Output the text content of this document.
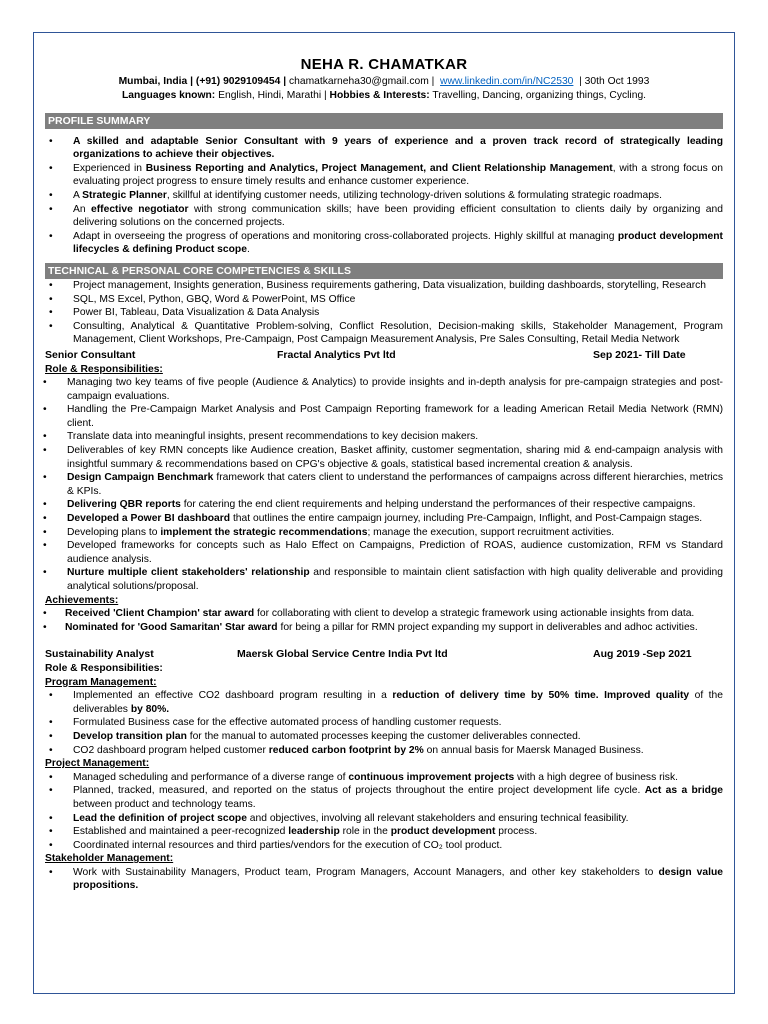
NEHA R. CHAMATKAR
Mumbai, India | (+91) 9029109454 | chamatkarneha30@gmail.com | www.linkedin.com/in/NC2530 | 30th Oct 1993
Languages known: English, Hindi, Marathi | Hobbies & Interests: Travelling, Dancing, organizing things, Cycling.
PROFILE SUMMARY
• A skilled and adaptable Senior Consultant with 9 years of experience and a proven track record of strategically leading organizations to achieve their objectives.
• Experienced in Business Reporting and Analytics, Project Management, and Client Relationship Management, with a strong focus on evaluating project progress to ensure timely results and enhance customer experience.
• A Strategic Planner, skillful at identifying customer needs, utilizing technology-driven solutions & formulating strategic roadmaps.
• An effective negotiator with strong communication skills; have been providing efficient consultation to clients daily by organizing and delivering solutions on the concerned projects.
• Adapt in overseeing the progress of operations and monitoring cross-collaborated projects. Highly skillful at managing product development lifecycles & defining Product scope.
TECHNICAL & PERSONAL CORE COMPETENCIES & SKILLS
• Project management, Insights generation, Business requirements gathering, Data visualization, building dashboards, storytelling, Research
• SQL, MS Excel, Python, GBQ, Word & PowerPoint, MS Office
• Power BI, Tableau, Data Visualization & Data Analysis
• Consulting, Analytical & Quantitative Problem-solving, Conflict Resolution, Decision-making skills, Stakeholder Management, Program Management, Client Workshops, Pre-Campaign, Post Campaign Measurement Analysis, Pre Sales Consulting, Retail Media Network
Senior Consultant	Fractal Analytics Pvt ltd	Sep 2021- Till Date
Role & Responsibilities:
• Managing two key teams of five people (Audience & Analytics) to provide insights and in-depth analysis for pre-campaign strategies and post-campaign evaluations.
• Handling the Pre-Campaign Market Analysis and Post Campaign Reporting framework for a leading American Retail Media Network (RMN) client.
• Translate data into meaningful insights, present recommendations to key decision makers.
• Deliverables of key RMN concepts like Audience creation, Basket affinity, customer segmentation, sharing mid & end-campaign analysis with insightful summary & recommendations based on CPG's objective & goals, statistical based incremental creation & analysis.
• Design Campaign Benchmark framework that caters client to understand the performances of campaigns across different hierarchies, metrics & KPIs.
• Delivering QBR reports for catering the end client requirements and helping understand the performances of their respective campaigns.
• Developed a Power BI dashboard that outlines the entire campaign journey, including Pre-Campaign, Inflight, and Post-Campaign stages.
• Developing plans to implement the strategic recommendations; manage the execution, support recruitment activities.
• Developed frameworks for concepts such as Halo Effect on Campaigns, Prediction of ROAS, audience customization, RFM vs Standard audience analysis.
• Nurture multiple client stakeholders' relationship and responsible to maintain client satisfaction with high quality deliverable and providing analytical solutions/proposal.
Achievements:
• Received 'Client Champion' star award for collaborating with client to develop a strategic framework using actionable insights from data.
• Nominated for 'Good Samaritan' Star award for being a pillar for RMN project expanding my support in deliverables and adhoc activities.
Sustainability Analyst	Maersk Global Service Centre India Pvt ltd	Aug 2019 -Sep 2021
Role & Responsibilities:
Program Management:
• Implemented an effective CO2 dashboard program resulting in a reduction of delivery time by 50% time. Improved quality of the deliverables by 80%.
• Formulated Business case for the effective automated process of handling customer requests.
• Develop transition plan for the manual to automated processes keeping the customer deliverables connected.
• CO2 dashboard program helped customer reduced carbon footprint by 2% on annual basis for Maersk Managed Business.
Project Management:
• Managed scheduling and performance of a diverse range of continuous improvement projects with a high degree of business risk.
• Planned, tracked, measured, and reported on the status of projects throughout the entire project development life cycle. Act as a bridge between product and technology teams.
• Lead the definition of project scope and objectives, involving all relevant stakeholders and ensuring technical feasibility.
• Established and maintained a peer-recognized leadership role in the product development process.
• Coordinated internal resources and third parties/vendors for the execution of CO₂ tool product.
Stakeholder Management:
• Work with Sustainability Managers, Product team, Program Managers, Account Managers, and other key stakeholders to design value propositions.
